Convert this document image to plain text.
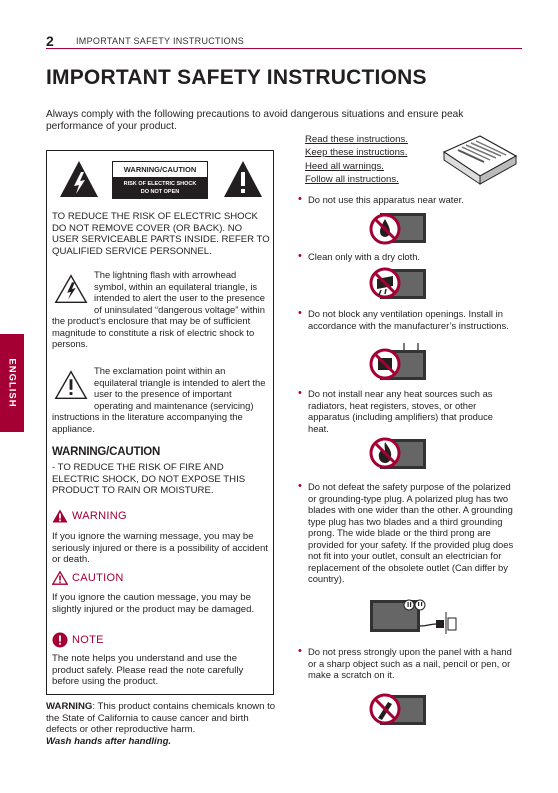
2 IMPORTANT SAFETY INSTRUCTIONS
IMPORTANT SAFETY INSTRUCTIONS
Always comply with the following precautions to avoid dangerous situations and ensure peak performance of your product.
ENGLISH
WARNING/CAUTION
RISK OF ELECTRIC SHOCK
DO NOT OPEN
TO REDUCE THE RISK OF ELECTRIC SHOCK DO NOT REMOVE COVER (OR BACK). NO USER SERVICEABLE PARTS INSIDE. REFER TO QUALIFIED SERVICE PERSONNEL.
The lightning flash with arrowhead symbol, within an equilateral triangle, is intended to alert the user to the presence of uninsulated “dangerous voltage” within the product’s enclosure that may be of sufficient magnitude to constitute a risk of electric shock to persons.
The exclamation point within an equilateral triangle is intended to alert the user to the presence of important operating and maintenance (servicing) instructions in the literature accompanying the appliance.
WARNING/CAUTION
- TO REDUCE THE RISK OF FIRE AND ELECTRIC SHOCK, DO NOT EXPOSE THIS PRODUCT TO RAIN OR MOISTURE.
WARNING
If you ignore the warning message, you may be seriously injured or there is a possibility of accident or death.
CAUTION
If you ignore the caution message, you may be slightly injured or the product may be damaged.
NOTE
The note helps you understand and use the product safely. Please read the note carefully before using the product.
WARNING: This product contains chemicals known to the State of California to cause cancer and birth defects or other reproductive harm.
Wash hands after handling.
Read these instructions.
Keep these instructions.
Heed all warnings.
Follow all instructions.
• Do not use this apparatus near water.
• Clean only with a dry cloth.
• Do not block any ventilation openings. Install in accordance with the manufacturer’s instructions.
• Do not install near any heat sources such as radiators, heat registers, stoves, or other apparatus (including amplifiers) that produce heat.
• Do not defeat the safety purpose of the polarized or grounding-type plug. A polarized plug has two blades with one wider than the other. A grounding type plug has two blades and a third grounding prong. The wide blade or the third prong are provided for your safety. If the provided plug does not fit into your outlet, consult an electrician for replacement of the obsolete outlet (Can differ by country).
• Do not press strongly upon the panel with a hand or a sharp object such as a nail, pencil or pen, or make a scratch on it.
